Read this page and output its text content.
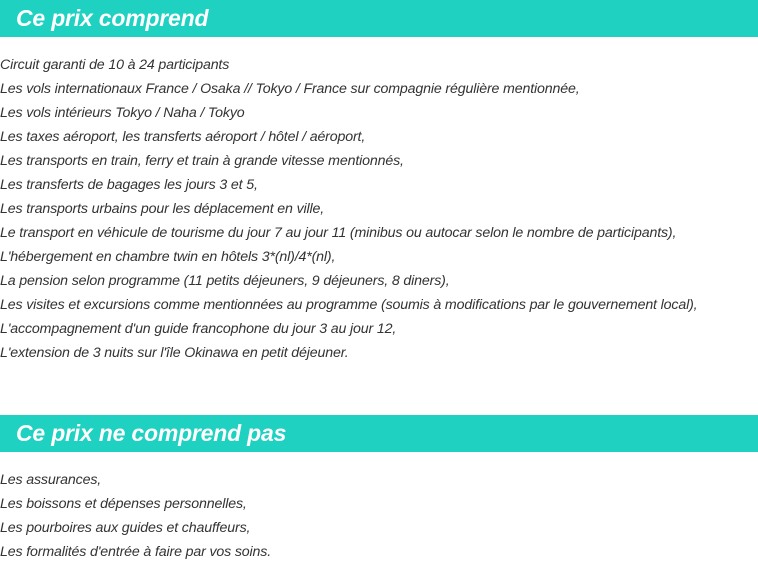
Ce prix comprend
Circuit garanti de 10 à 24 participants
Les vols internationaux France / Osaka // Tokyo / France sur compagnie régulière mentionnée,
Les vols intérieurs Tokyo / Naha / Tokyo
Les taxes aéroport, les transferts aéroport / hôtel / aéroport,
Les transports en train, ferry et train à grande vitesse mentionnés,
Les transferts de bagages les jours 3 et 5,
Les transports urbains pour les déplacement en ville,
Le transport en véhicule de tourisme du jour 7 au jour 11 (minibus ou autocar selon le nombre de participants),
L'hébergement en chambre twin en hôtels 3*(nl)/4*(nl),
La pension selon programme (11 petits déjeuners, 9 déjeuners, 8 diners),
Les visites et excursions comme mentionnées au programme (soumis à modifications par le gouvernement local),
L'accompagnement d'un guide francophone du jour 3 au jour 12,
L'extension de 3 nuits sur l'île Okinawa en petit déjeuner.
Ce prix ne comprend pas
Les assurances,
Les boissons et dépenses personnelles,
Les pourboires aux guides et chauffeurs,
Les formalités d'entrée à faire par vos soins.
